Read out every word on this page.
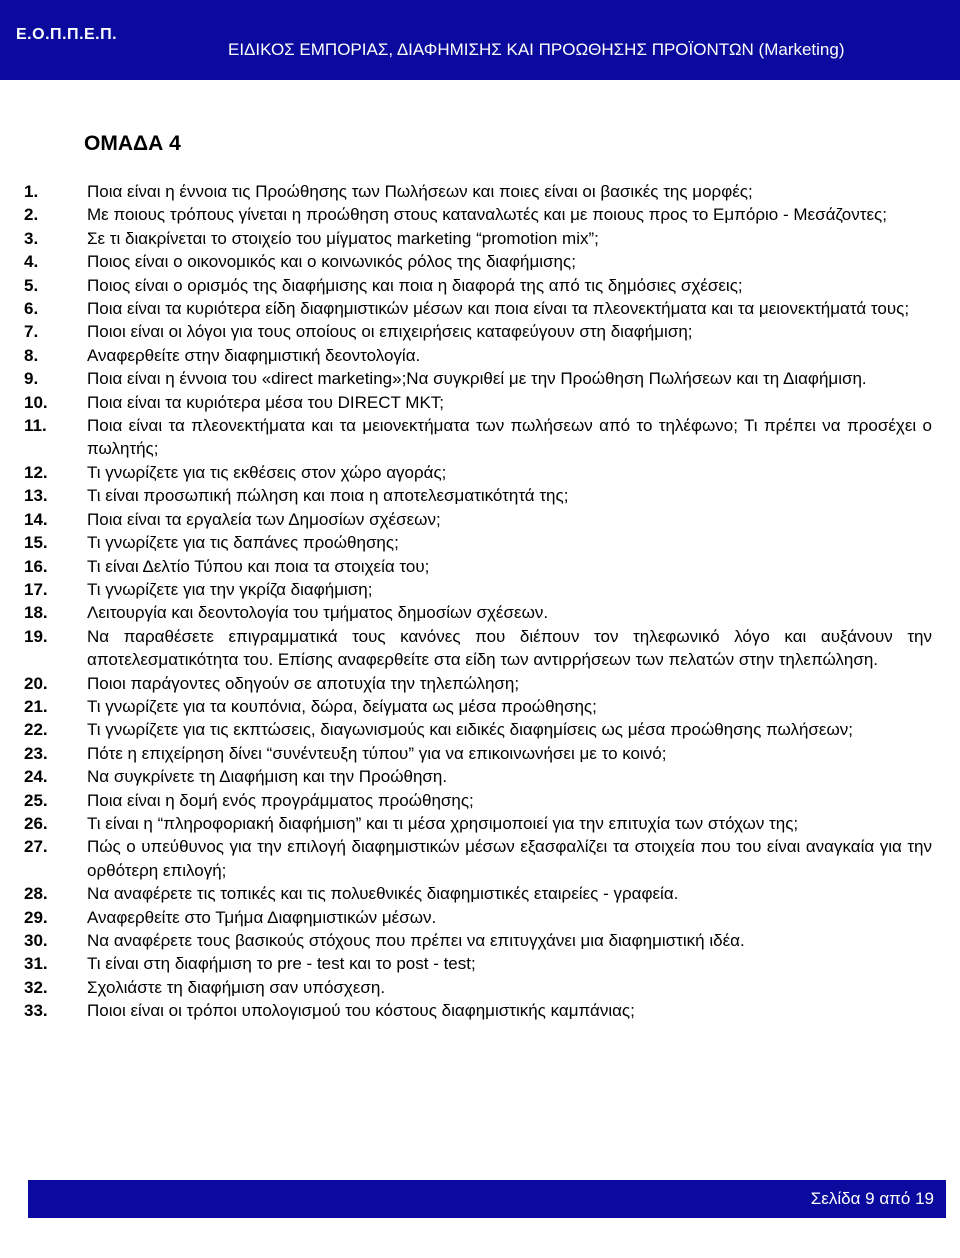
Ε.Ο.Π.Π.Ε.Π.
ΕΙΔΙΚΟΣ ΕΜΠΟΡΙΑΣ, ΔΙΑΦΗΜΙΣΗΣ ΚΑΙ ΠΡΟΩΘΗΣΗΣ ΠΡΟΪΟΝΤΩΝ (Marketing)
ΟΜΑΔΑ 4
1.	Ποια είναι η έννοια τις Προώθησης των Πωλήσεων και ποιες είναι οι βασικές της μορφές;
2.	Με ποιους τρόπους γίνεται η προώθηση στους καταναλωτές και με ποιους προς το Εμπόριο - Μεσάζοντες;
3.	Σε τι διακρίνεται το στοιχείο του μίγματος marketing “promotion mix”;
4.	Ποιος είναι ο οικονομικός και ο κοινωνικός ρόλος της διαφήμισης;
5.	Ποιος είναι ο ορισμός της διαφήμισης και ποια η διαφορά της από τις δημόσιες σχέσεις;
6.	Ποια είναι τα κυριότερα είδη διαφημιστικών μέσων και ποια είναι τα πλεονεκτήματα και τα μειονεκτήματά τους;
7.	Ποιοι είναι οι λόγοι για τους οποίους οι επιχειρήσεις καταφεύγουν στη διαφήμιση;
8.	Αναφερθείτε στην διαφημιστική δεοντολογία.
9.	Ποια είναι η έννοια του «direct marketing»;Να συγκριθεί με την Προώθηση Πωλήσεων και τη Διαφήμιση.
10. Ποια είναι τα κυριότερα μέσα του DIRECT MKT;
11. Ποια είναι τα πλεονεκτήματα και τα μειονεκτήματα των πωλήσεων από το τηλέφωνο; Τι πρέπει να προσέχει ο πωλητής;
12. Τι γνωρίζετε για τις εκθέσεις στον χώρο αγοράς;
13. Τι είναι προσωπική πώληση και ποια η αποτελεσματικότητά της;
14. Ποια είναι τα εργαλεία των Δημοσίων σχέσεων;
15. Τι γνωρίζετε για τις δαπάνες προώθησης;
16. Τι είναι Δελτίο Τύπου και ποια τα στοιχεία του;
17. Τι γνωρίζετε για την γκρίζα διαφήμιση;
18. Λειτουργία και δεοντολογία του τμήματος δημοσίων σχέσεων.
19. Να παραθέσετε επιγραμματικά τους κανόνες που διέπουν τον τηλεφωνικό λόγο και αυξάνουν την αποτελεσματικότητα του. Επίσης αναφερθείτε στα είδη των αντιρρήσεων των πελατών στην τηλεπώληση.
20. Ποιοι παράγοντες οδηγούν σε αποτυχία την τηλεπώληση;
21. Τι γνωρίζετε για τα κουπόνια, δώρα, δείγματα ως μέσα προώθησης;
22. Τι γνωρίζετε για τις εκπτώσεις, διαγωνισμούς και ειδικές διαφημίσεις ως μέσα προώθησης πωλήσεων;
23. Πότε η επιχείρηση δίνει “συνέντευξη τύπου” για να επικοινωνήσει με το κοινό;
24. Να συγκρίνετε τη Διαφήμιση και την Προώθηση.
25. Ποια είναι η δομή ενός προγράμματος προώθησης;
26. Τι είναι η “πληροφοριακή διαφήμιση” και τι μέσα χρησιμοποιεί για την επιτυχία των στόχων της;
27. Πώς ο υπεύθυνος για την επιλογή διαφημιστικών μέσων εξασφαλίζει τα στοιχεία που του είναι αναγκαία για την ορθότερη επιλογή;
28. Να αναφέρετε τις τοπικές και τις πολυεθνικές διαφημιστικές εταιρείες - γραφεία.
29. Αναφερθείτε στο Τμήμα Διαφημιστικών μέσων.
30. Να αναφέρετε τους βασικούς στόχους που πρέπει να επιτυγχάνει μια διαφημιστική ιδέα.
31. Τι είναι στη διαφήμιση το pre - test και το post - test;
32. Σχολιάστε τη διαφήμιση σαν υπόσχεση.
33. Ποιοι είναι οι τρόποι υπολογισμού του κόστους διαφημιστικής καμπάνιας;
Σελίδα 9 από 19
